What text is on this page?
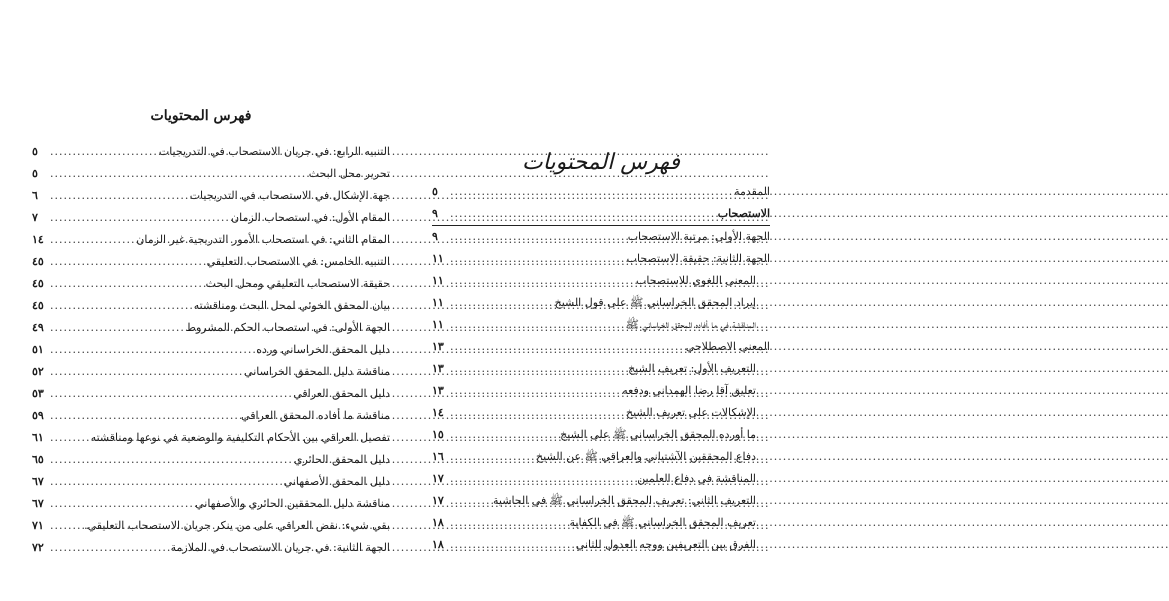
فهرس المحتويات
التنبيه الرابع: في جريان الاستصحاب في التدريجيات
.....
٥
تحرير محل البحث
.....
٥
جهة الإشكال في الاستصحاب في التدريجيات
.....
٦
المقام الأول: في استصحاب الزمان
.....
٧
المقام الثاني: في استصحاب الأمور التدريجية غير الزمان
.....
١٤
التنبيه الخامس: في الاستصحاب التعليقي
.....
٤٥
حقيقة الاستصحاب التعليقي ومحل البحث
.....
٤٥
بيان المحقق الخوئي لمحل البحث ومناقشته
.....
٤٥
الجهة الأولى: في استصحاب الحكم المشروط
.....
٤٩
دليل المحقق الخراساني ورده
.....
٥١
مناقشة دليل المحقق الخراساني
.....
٥٢
دليل المحقق العراقي
.....
٥٣
مناقشة ما أفاده المحقق العراقي
.....
٥٩
تفصيل العراقي بين الأحكام التكليفية والوضعية في نوعها ومناقشته
.....
٦١
دليل المحقق الحائري
.....
٦٥
دليل المحقق الأصفهاني
.....
٦٧
مناقشة دليل المحققين الحائري والأصفهاني
.....
٦٧
بقي شيء: نقض العراقي على من ينكر جريان الاستصحاب التعليقي.
.....
٧١
الجهة الثانية: في جريان الاستصحاب في الملازمة
.....
٧٢
فهرس المحتويات
المقدمة
.....
٥
الاستصحاب
.....
٩
الجهة الأولى: مرتبة الاستصحاب
.....
٩
الجهة الثانية: حقيقة الاستصحاب
.....
١١
المعنى اللغوي للاستصحاب
.....
١١
إيراد المحقق الخراساني ﷺ على قول الشيخ
.....
١١
المناقشة في ما أفاده المحقق الخراساني ﷺ
.....
١١
المعنى الاصطلاحي
.....
١٣
التعريف الأول: تعريف الشيخ
.....
١٣
تعليق آقا رضا الهمداني ودفعه
.....
١٣
الإشكالات على تعريف الشيخ
.....
١٤
ما أورده المحقق الخراساني ﷺ على الشيخ
.....
١٥
دفاع المحققين الآشتياني والعراقي ﷺ عن الشيخ
.....
١٦
المناقشة في دفاع العلمين
.....
١٧
التعريف الثاني: تعريف المحقق الخراساني ﷺ في الحاشية
.....
١٧
تعريف المحقق الخراساني ﷺ في الكفاية
.....
١٨
الفرق بين التعريفين ووجه العدول للثاني
.....
١٨
